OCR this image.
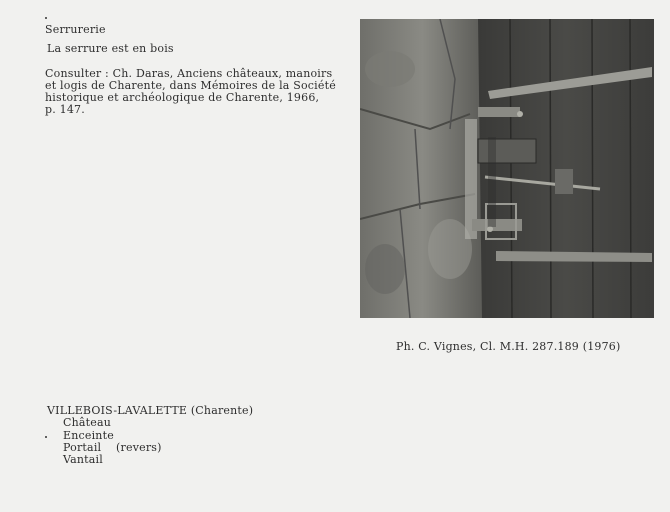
Serrurerie
La serrure est en bois
Consulter : Ch. Daras, Anciens châteaux, manoirs
et logis de Charente, dans Mémoires de la Société
historique et archéologique de Charente, 1966,
p. 147.
Ph. C. Vignes, Cl. M.H. 287.189 (1976)
VILLEBOIS-LAVALETTE (Charente)
Château
Enceinte
Portail    (revers)
Vantail
